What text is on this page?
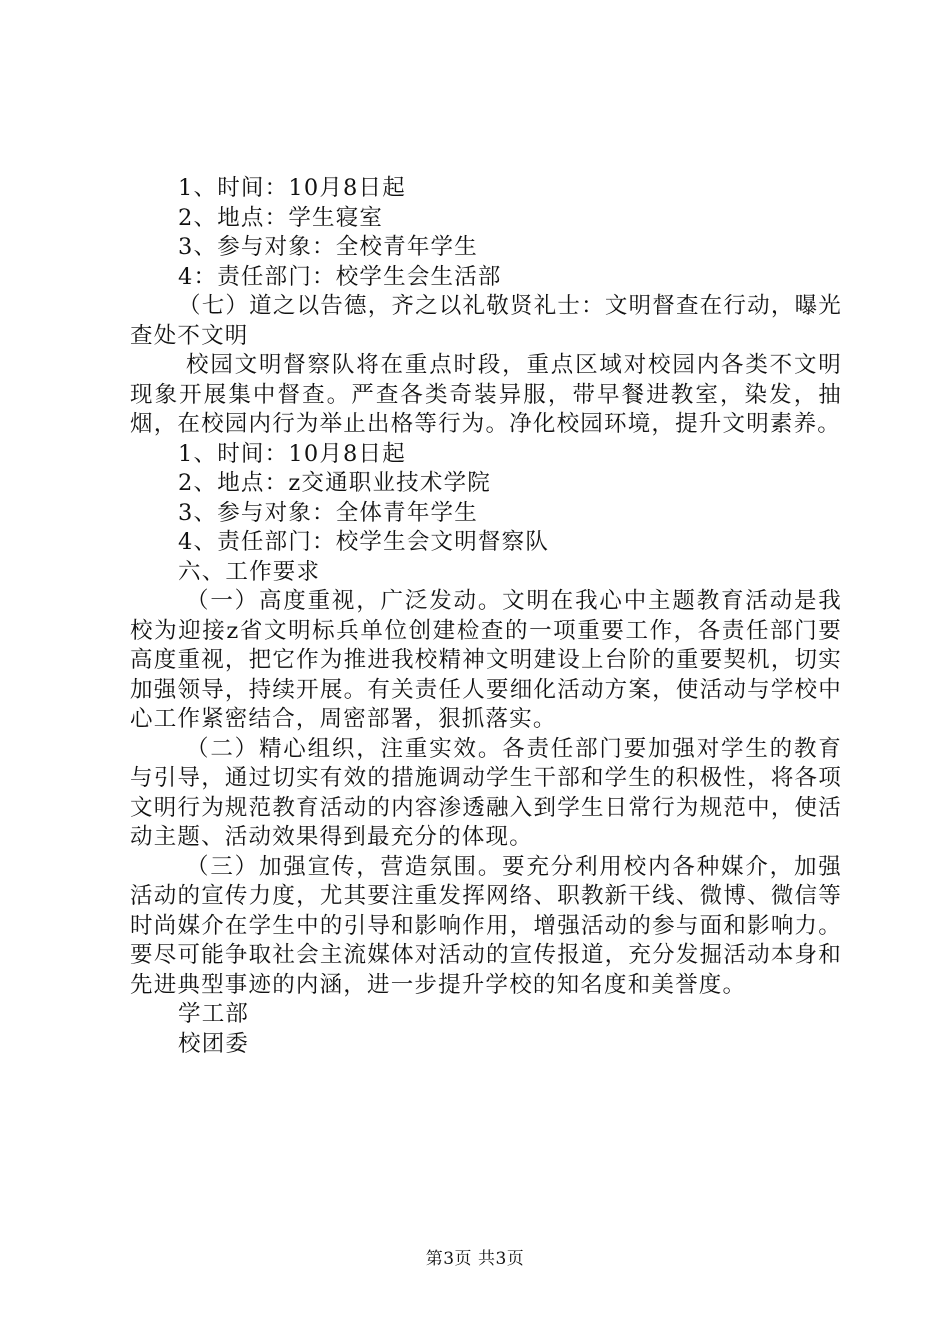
1、时间：10月8日起
2、地点：学生寝室
3、参与对象：全校青年学生
4：责任部门：校学生会生活部

（七）道之以告德，齐之以礼敬贤礼士：文明督查在行动，曝光查处不文明

校园文明督察队将在重点时段，重点区域对校园内各类不文明现象开展集中督查。严查各类奇装异服，带早餐进教室，染发，抽烟，在校园内行为举止出格等行为。净化校园环境，提升文明素养。

1、时间：10月8日起
2、地点：z交通职业技术学院
3、参与对象：全体青年学生
4、责任部门：校学生会文明督察队
六、工作要求

（一）高度重视，广泛发动。文明在我心中主题教育活动是我校为迎接z省文明标兵单位创建检查的一项重要工作，各责任部门要高度重视，把它作为推进我校精神文明建设上台阶的重要契机，切实加强领导，持续开展。有关责任人要细化活动方案，使活动与学校中心工作紧密结合，周密部署，狠抓落实。

（二）精心组织，注重实效。各责任部门要加强对学生的教育与引导，通过切实有效的措施调动学生干部和学生的积极性，将各项文明行为规范教育活动的内容渗透融入到学生日常行为规范中，使活动主题、活动效果得到最充分的体现。

（三）加强宣传，营造氛围。要充分利用校内各种媒介，加强活动的宣传力度，尤其要注重发挥网络、职教新干线、微博、微信等时尚媒介在学生中的引导和影响作用，增强活动的参与面和影响力。要尽可能争取社会主流媒体对活动的宣传报道，充分发掘活动本身和先进典型事迹的内涵，进一步提升学校的知名度和美誉度。

学工部
校团委
第3页 共3页
